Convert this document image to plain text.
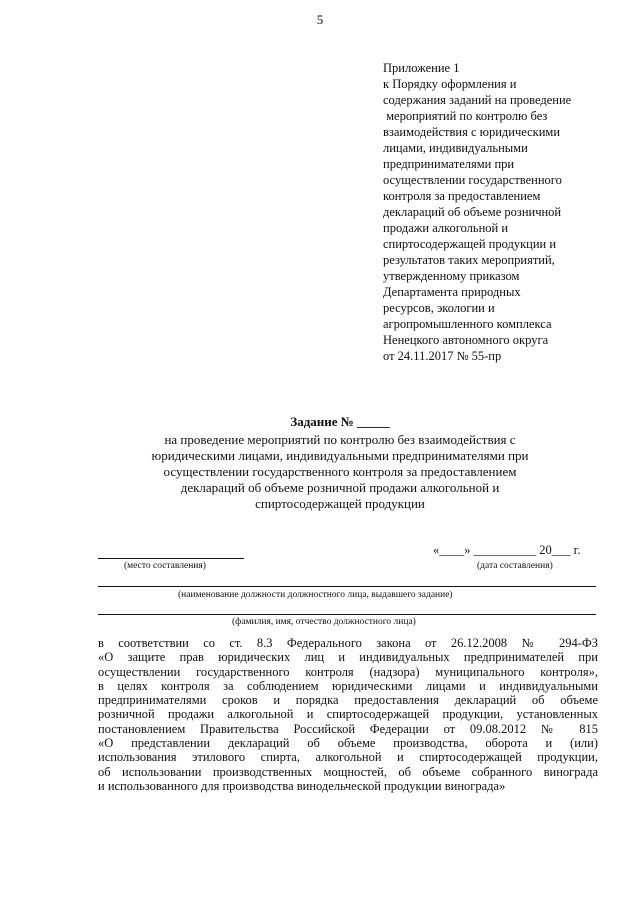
5
Приложение 1
к Порядку оформления и
содержания заданий на проведение
мероприятий по контролю без
взаимодействия с юридическими
лицами, индивидуальными
предпринимателями при
осуществлении государственного
контроля за предоставлением
деклараций об объеме розничной
продажи алкогольной и
спиртосодержащей продукции и
результатов таких мероприятий,
утвержденному приказом
Департамента природных
ресурсов, экологии и
агропромышленного комплекса
Ненецкого автономного округа
от 24.11.2017 № 55-пр
Задание № _____
на проведение мероприятий по контролю без взаимодействия с
юридическими лицами, индивидуальными предпринимателями при
осуществлении государственного контроля за предоставлением
деклараций об объеме розничной продажи алкогольной и
спиртосодержащей продукции
(место составления)
«____» __________ 20___ г.
(дата составления)
(наименование должности должностного лица, выдавшего задание)
(фамилия, имя, отчество должностного лица)
в соответствии со ст. 8.3 Федерального закона от 26.12.2008 № 294-ФЗ
«О защите прав юридических лиц и индивидуальных предпринимателей при
осуществлении государственного контроля (надзора) муниципального контроля»,
в целях контроля за соблюдением юридическими лицами и индивидуальными
предпринимателями сроков и порядка предоставления деклараций об объеме
розничной продажи алкогольной и спиртосодержащей продукции, установленных
постановлением Правительства Российской Федерации от 09.08.2012 № 815
«О представлении деклараций об объеме производства, оборота и (или)
использования этилового спирта, алкогольной и спиртосодержащей продукции,
об использовании производственных мощностей, об объеме собранного винограда
и использованного для производства винодельческой продукции винограда»
